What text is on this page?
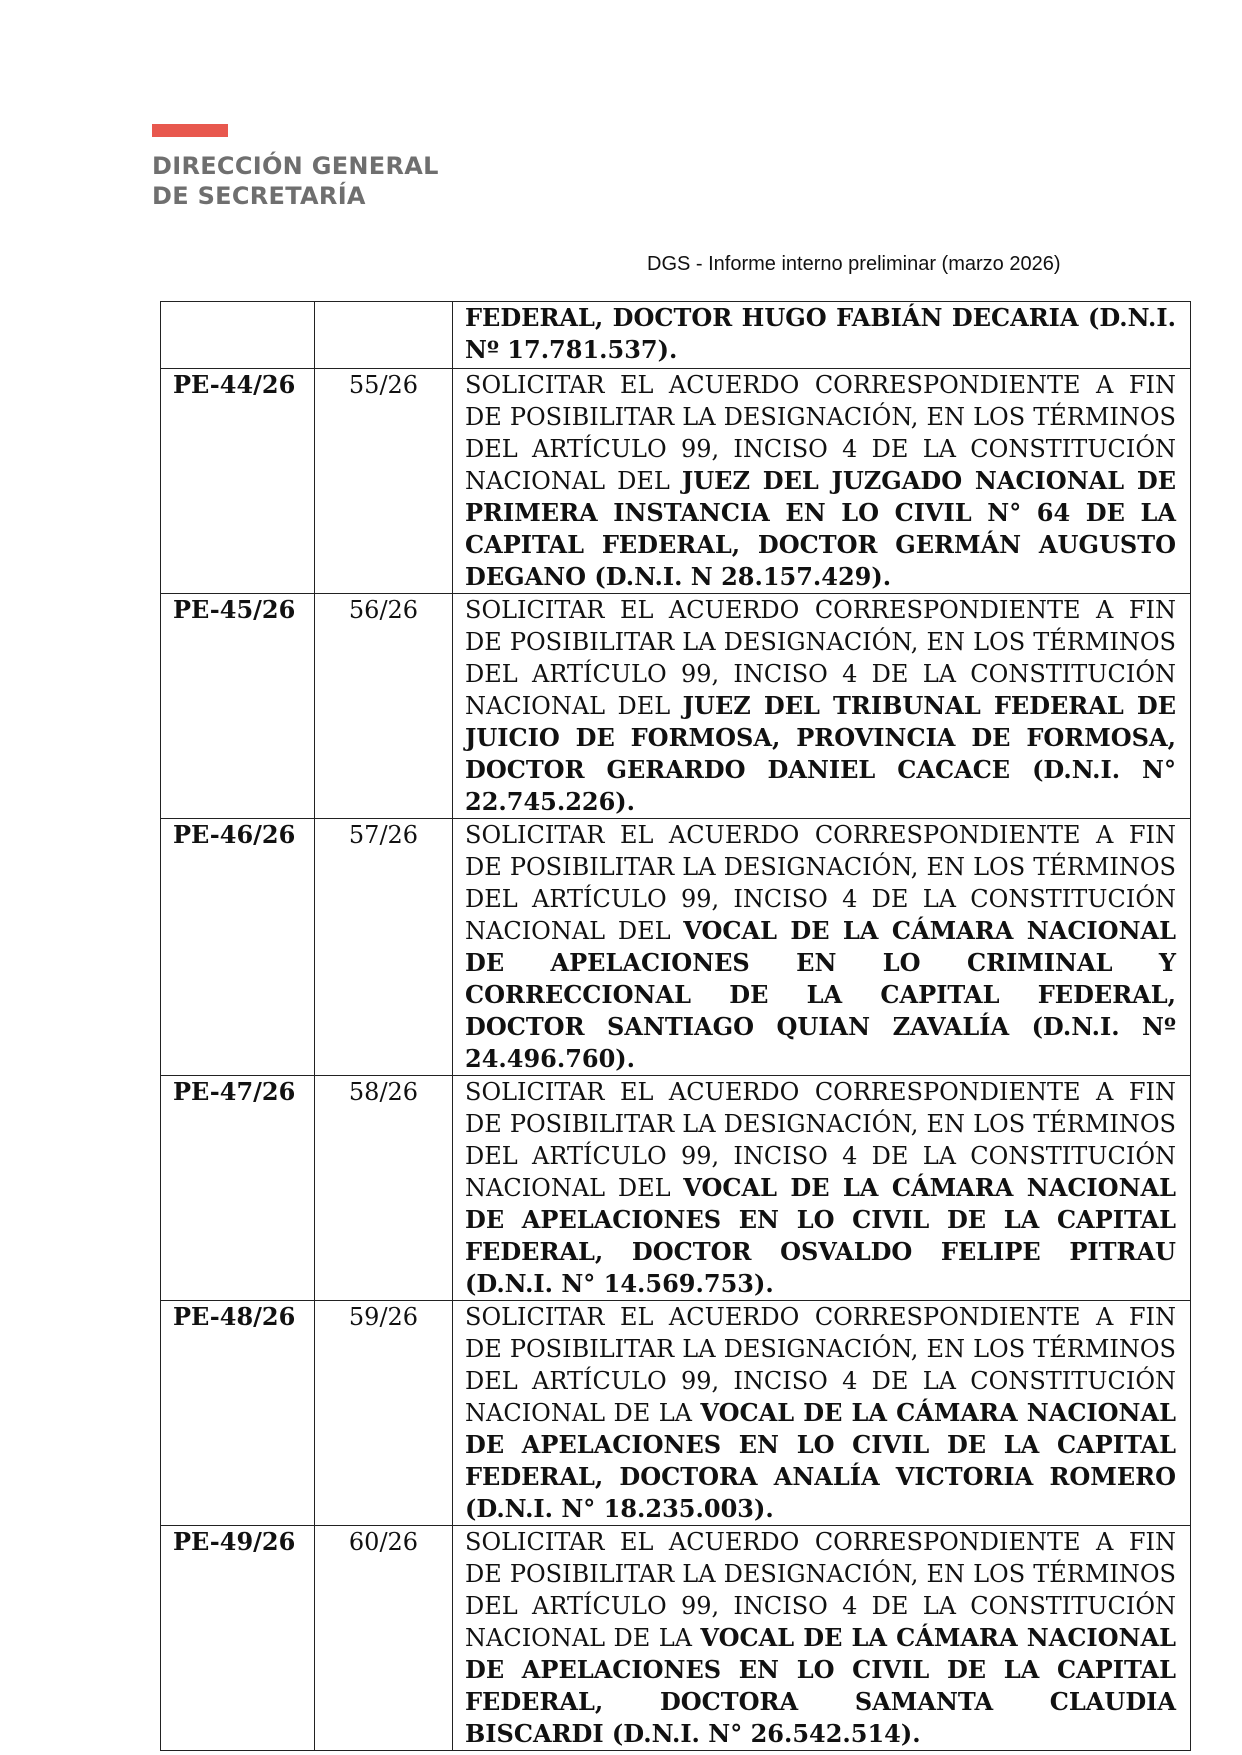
DIRECCIÓN GENERAL
DE SECRETARÍA
DGS - Informe interno preliminar (marzo 2026)
		FEDERAL, DOCTOR HUGO FABIÁN DECARIA (D.N.I. Nº 17.781.537).
PE-44/26	55/26	SOLICITAR EL ACUERDO CORRESPONDIENTE A FIN DE POSIBILITAR LA DESIGNACIÓN, EN LOS TÉRMINOS DEL ARTÍCULO 99, INCISO 4 DE LA CONSTITUCIÓN NACIONAL DEL JUEZ DEL JUZGADO NACIONAL DE PRIMERA INSTANCIA EN LO CIVIL N° 64 DE LA CAPITAL FEDERAL, DOCTOR GERMÁN AUGUSTO DEGANO (D.N.I. N 28.157.429).
PE-45/26	56/26	SOLICITAR EL ACUERDO CORRESPONDIENTE A FIN DE POSIBILITAR LA DESIGNACIÓN, EN LOS TÉRMINOS DEL ARTÍCULO 99, INCISO 4 DE LA CONSTITUCIÓN NACIONAL DEL JUEZ DEL TRIBUNAL FEDERAL DE JUICIO DE FORMOSA, PROVINCIA DE FORMOSA, DOCTOR GERARDO DANIEL CACACE (D.N.I. N° 22.745.226).
PE-46/26	57/26	SOLICITAR EL ACUERDO CORRESPONDIENTE A FIN DE POSIBILITAR LA DESIGNACIÓN, EN LOS TÉRMINOS DEL ARTÍCULO 99, INCISO 4 DE LA CONSTITUCIÓN NACIONAL DEL VOCAL DE LA CÁMARA NACIONAL DE APELACIONES EN LO CRIMINAL Y CORRECCIONAL DE LA CAPITAL FEDERAL, DOCTOR SANTIAGO QUIAN ZAVALÍA (D.N.I. Nº 24.496.760).
PE-47/26	58/26	SOLICITAR EL ACUERDO CORRESPONDIENTE A FIN DE POSIBILITAR LA DESIGNACIÓN, EN LOS TÉRMINOS DEL ARTÍCULO 99, INCISO 4 DE LA CONSTITUCIÓN NACIONAL DEL VOCAL DE LA CÁMARA NACIONAL DE APELACIONES EN LO CIVIL DE LA CAPITAL FEDERAL, DOCTOR OSVALDO FELIPE PITRAU (D.N.I. N° 14.569.753).
PE-48/26	59/26	SOLICITAR EL ACUERDO CORRESPONDIENTE A FIN DE POSIBILITAR LA DESIGNACIÓN, EN LOS TÉRMINOS DEL ARTÍCULO 99, INCISO 4 DE LA CONSTITUCIÓN NACIONAL DE LA VOCAL DE LA CÁMARA NACIONAL DE APELACIONES EN LO CIVIL DE LA CAPITAL FEDERAL, DOCTORA ANALÍA VICTORIA ROMERO (D.N.I. N° 18.235.003).
PE-49/26	60/26	SOLICITAR EL ACUERDO CORRESPONDIENTE A FIN DE POSIBILITAR LA DESIGNACIÓN, EN LOS TÉRMINOS DEL ARTÍCULO 99, INCISO 4 DE LA CONSTITUCIÓN NACIONAL DE LA VOCAL DE LA CÁMARA NACIONAL DE APELACIONES EN LO CIVIL DE LA CAPITAL FEDERAL, DOCTORA SAMANTA CLAUDIA BISCARDI (D.N.I. N° 26.542.514).
